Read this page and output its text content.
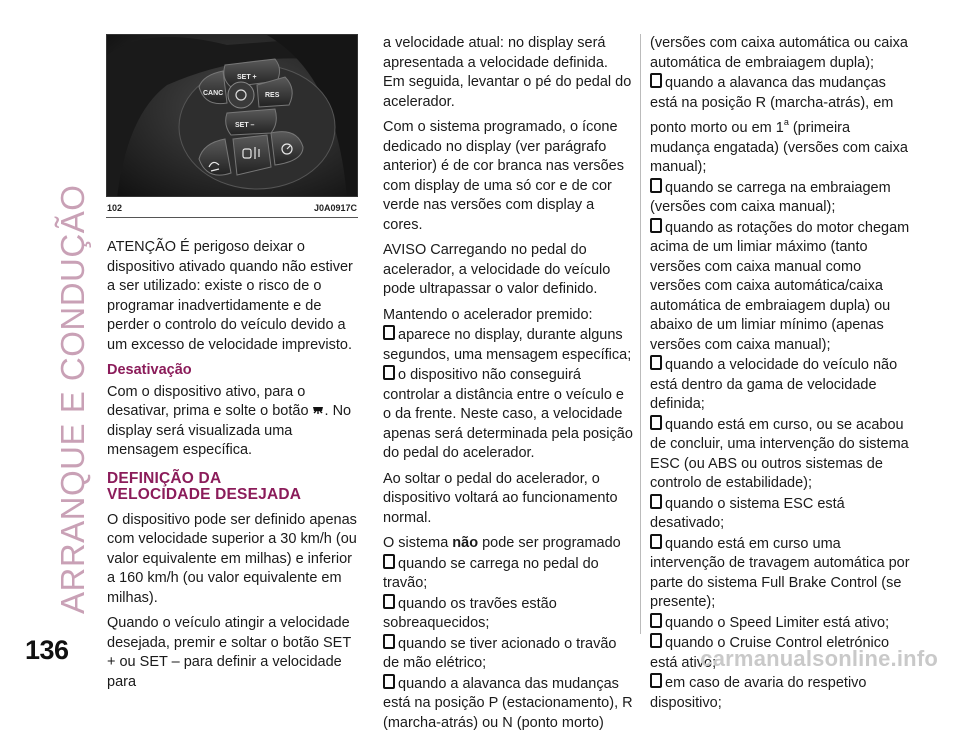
ARRANQUE E CONDUÇÃO
SET +
CANC	RES
SET –
102	J0A0917C

ATENÇÃO É perigoso deixar o dispositivo ativado quando não estiver a ser utilizado: existe o risco de o programar inadvertidamente e de perder o controlo do veículo devido a um excesso de velocidade imprevisto.

Desativação

Com o dispositivo ativo, para o desativar, prima e solte o botão . No display será visualizada uma mensagem específica.

DEFINIÇÃO DA
VELOCIDADE DESEJADA

O dispositivo pode ser definido apenas com velocidade superior a 30 km/h (ou valor equivalente em milhas) e inferior a 160 km/h (ou valor equivalente em milhas).

Quando o veículo atingir a velocidade desejada, premir e soltar o botão SET + ou SET – para definir a velocidade para

a velocidade atual: no display será apresentada a velocidade definida. Em seguida, levantar o pé do pedal do acelerador.

Com o sistema programado, o ícone dedicado no display (ver parágrafo anterior) é de cor branca nas versões com display de uma só cor e de cor verde nas versões com display a cores.

AVISO Carregando no pedal do acelerador, a velocidade do veículo pode ultrapassar o valor definido.

Mantendo o acelerador premido:

aparece no display, durante alguns segundos, uma mensagem específica;

o dispositivo não conseguirá controlar a distância entre o veículo e o da frente. Neste caso, a velocidade apenas será determinada pela posição do pedal do acelerador.

Ao soltar o pedal do acelerador, o dispositivo voltará ao funcionamento normal.

O sistema não pode ser programado

quando se carrega no pedal do travão;

quando os travões estão sobreaquecidos;

quando se tiver acionado o travão de mão elétrico;

quando a alavanca das mudanças está na posição P (estacionamento), R (marcha-atrás) ou N (ponto morto)

(versões com caixa automática ou caixa automática de embraiagem dupla);

quando a alavanca das mudanças está na posição R (marcha-atrás), em ponto morto ou em 1$^a$ (primeira mudança engatada) (versões com caixa manual);

quando se carrega na embraiagem (versões com caixa manual);

quando as rotações do motor chegam acima de um limiar máximo (tanto versões com caixa manual como versões com caixa automática/caixa automática de embraiagem dupla) ou abaixo de um limiar mínimo (apenas versões com caixa manual);

quando a velocidade do veículo não está dentro da gama de velocidade definida;

quando está em curso, ou se acabou de concluir, uma intervenção do sistema ESC (ou ABS ou outros sistemas de controlo de estabilidade);

quando o sistema ESC está desativado;

quando está em curso uma intervenção de travagem automática por parte do sistema Full Brake Control (se presente);

quando o Speed Limiter está ativo;

quando o Cruise Control eletrónico está ativo;

em caso de avaria do respetivo dispositivo;

136	carmanualsonline.info
